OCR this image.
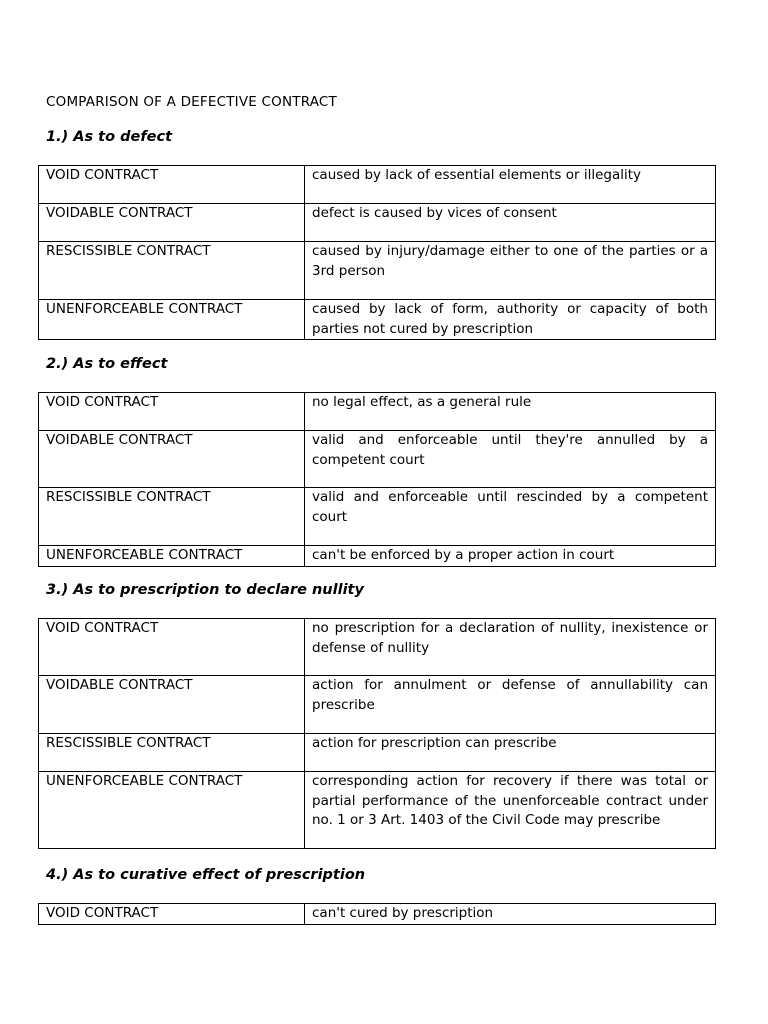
COMPARISON OF A DEFECTIVE CONTRACT
1.) As to defect
VOID CONTRACT	caused by lack of essential elements or illegality
VOIDABLE CONTRACT	defect is caused by vices of consent
RESCISSIBLE CONTRACT	caused by injury/damage either to one of the parties or a 3rd person
UNENFORCEABLE CONTRACT	caused by lack of form, authority or capacity of both parties not cured by prescription
2.) As to effect
VOID CONTRACT	no legal effect, as a general rule
VOIDABLE CONTRACT	valid and enforceable until they're annulled by a competent court
RESCISSIBLE CONTRACT	valid and enforceable until rescinded by a competent court
UNENFORCEABLE CONTRACT	can't be enforced by a proper action in court
3.) As to prescription to declare nullity
VOID CONTRACT	no prescription for a declaration of nullity, inexistence or defense of nullity
VOIDABLE CONTRACT	action for annulment or defense of annullability can prescribe
RESCISSIBLE CONTRACT	action for prescription can prescribe
UNENFORCEABLE CONTRACT	corresponding action for recovery if there was total or partial performance of the unenforceable contract under no. 1 or 3 Art. 1403 of the Civil Code may prescribe
4.) As to curative effect of prescription
VOID CONTRACT	can't cured by prescription
